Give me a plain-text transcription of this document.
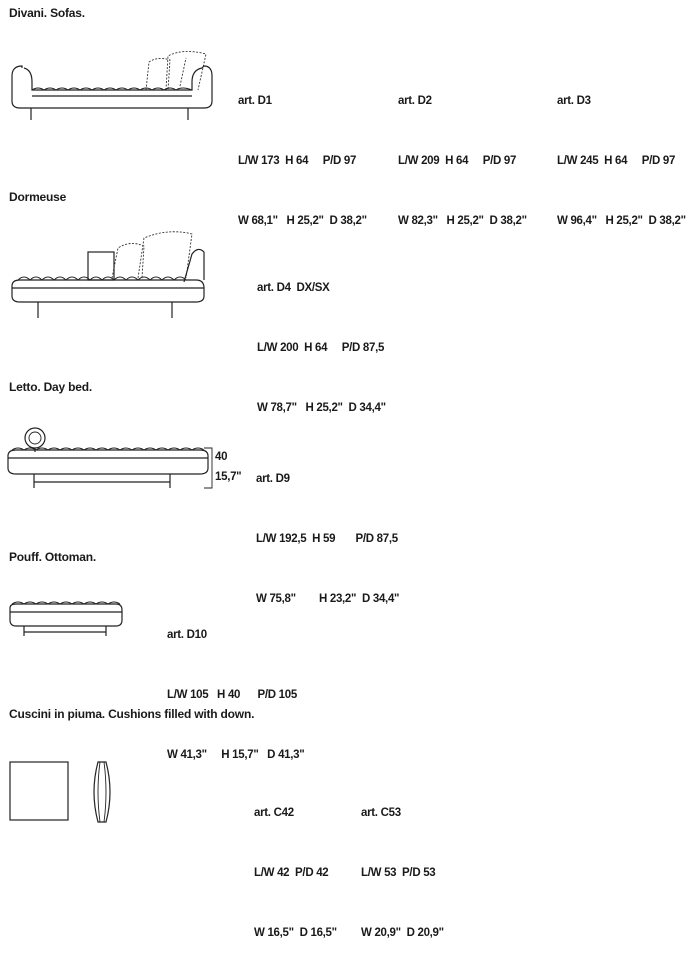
Divani. Sofas.

art. D1

L/W 173  H 64     P/D 97

W 68,1"   H 25,2"  D 38,2"

art. D2

L/W 209  H 64     P/D 97

W 82,3"   H 25,2"  D 38,2"

art. D3

L/W 245  H 64     P/D 97

W 96,4"   H 25,2"  D 38,2"

Dormeuse

art. D4  DX/SX

L/W 200  H 64     P/D 87,5

W 78,7"   H 25,2"  D 34,4"

Letto. Day bed.
40
15,7"

art. D9

L/W 192,5  H 59       P/D 87,5

W 75,8"        H 23,2"  D 34,4"

Pouff. Ottoman.

art. D10

L/W 105   H 40      P/D 105

W 41,3"     H 15,7"   D 41,3"

Cuscini in piuma. Cushions filled with down.

art. C42

L/W 42  P/D 42

W 16,5"  D 16,5"

art. C53

L/W 53  P/D 53

W 20,9"  D 20,9"
